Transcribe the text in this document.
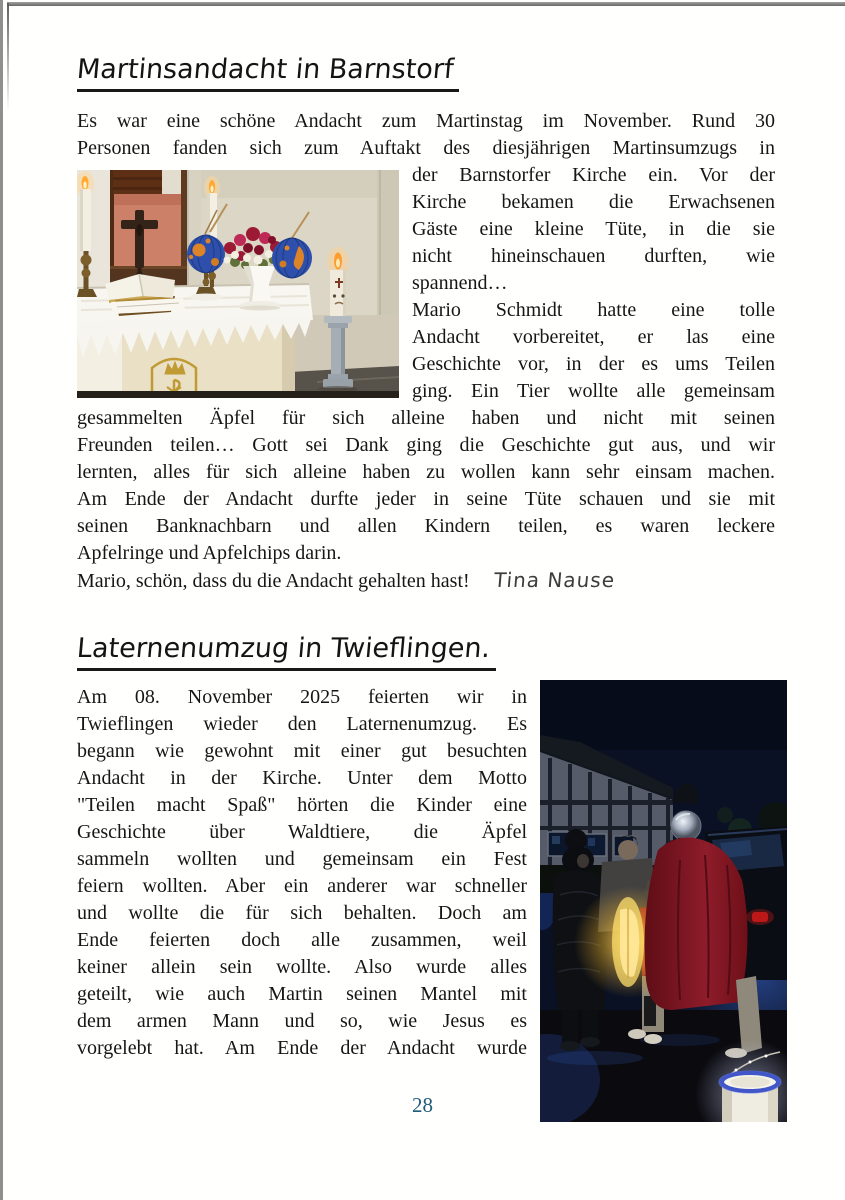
Martinsandacht in Barnstorf
Es war eine schöne Andacht zum Martinstag im November. Rund 30
Personen fanden sich zum Auftakt des diesjährigen Martinsumzugs in
der Barnstorfer Kirche ein. Vor der
Kirche bekamen die Erwachsenen
Gäste eine kleine Tüte, in die sie
nicht hineinschauen durften, wie
spannend…
Mario Schmidt hatte eine tolle
Andacht vorbereitet, er las eine
Geschichte vor, in der es ums Teilen
ging. Ein Tier wollte alle gemeinsam
gesammelten Äpfel für sich alleine haben und nicht mit seinen
Freunden teilen… Gott sei Dank ging die Geschichte gut aus, und wir
lernten, alles für sich alleine haben zu wollen kann sehr einsam machen.
Am Ende der Andacht durfte jeder in seine Tüte schauen und sie mit
seinen Banknachbarn und allen Kindern teilen, es waren leckere
Apfelringe und Apfelchips darin.
Mario, schön, dass du die Andacht gehalten hast! Tina Nause
Laternenumzug in Twieflingen.
Am 08. November 2025 feierten wir in
Twieflingen wieder den Laternenumzug. Es
begann wie gewohnt mit einer gut besuchten
Andacht in der Kirche. Unter dem Motto
"Teilen macht Spaß" hörten die Kinder eine
Geschichte über Waldtiere, die Äpfel
sammeln wollten und gemeinsam ein Fest
feiern wollten. Aber ein anderer war schneller
und wollte die für sich behalten. Doch am
Ende feierten doch alle zusammen, weil
keiner allein sein wollte. Also wurde alles
geteilt, wie auch Martin seinen Mantel mit
dem armen Mann und so, wie Jesus es
vorgelebt hat. Am Ende der Andacht wurde
28
